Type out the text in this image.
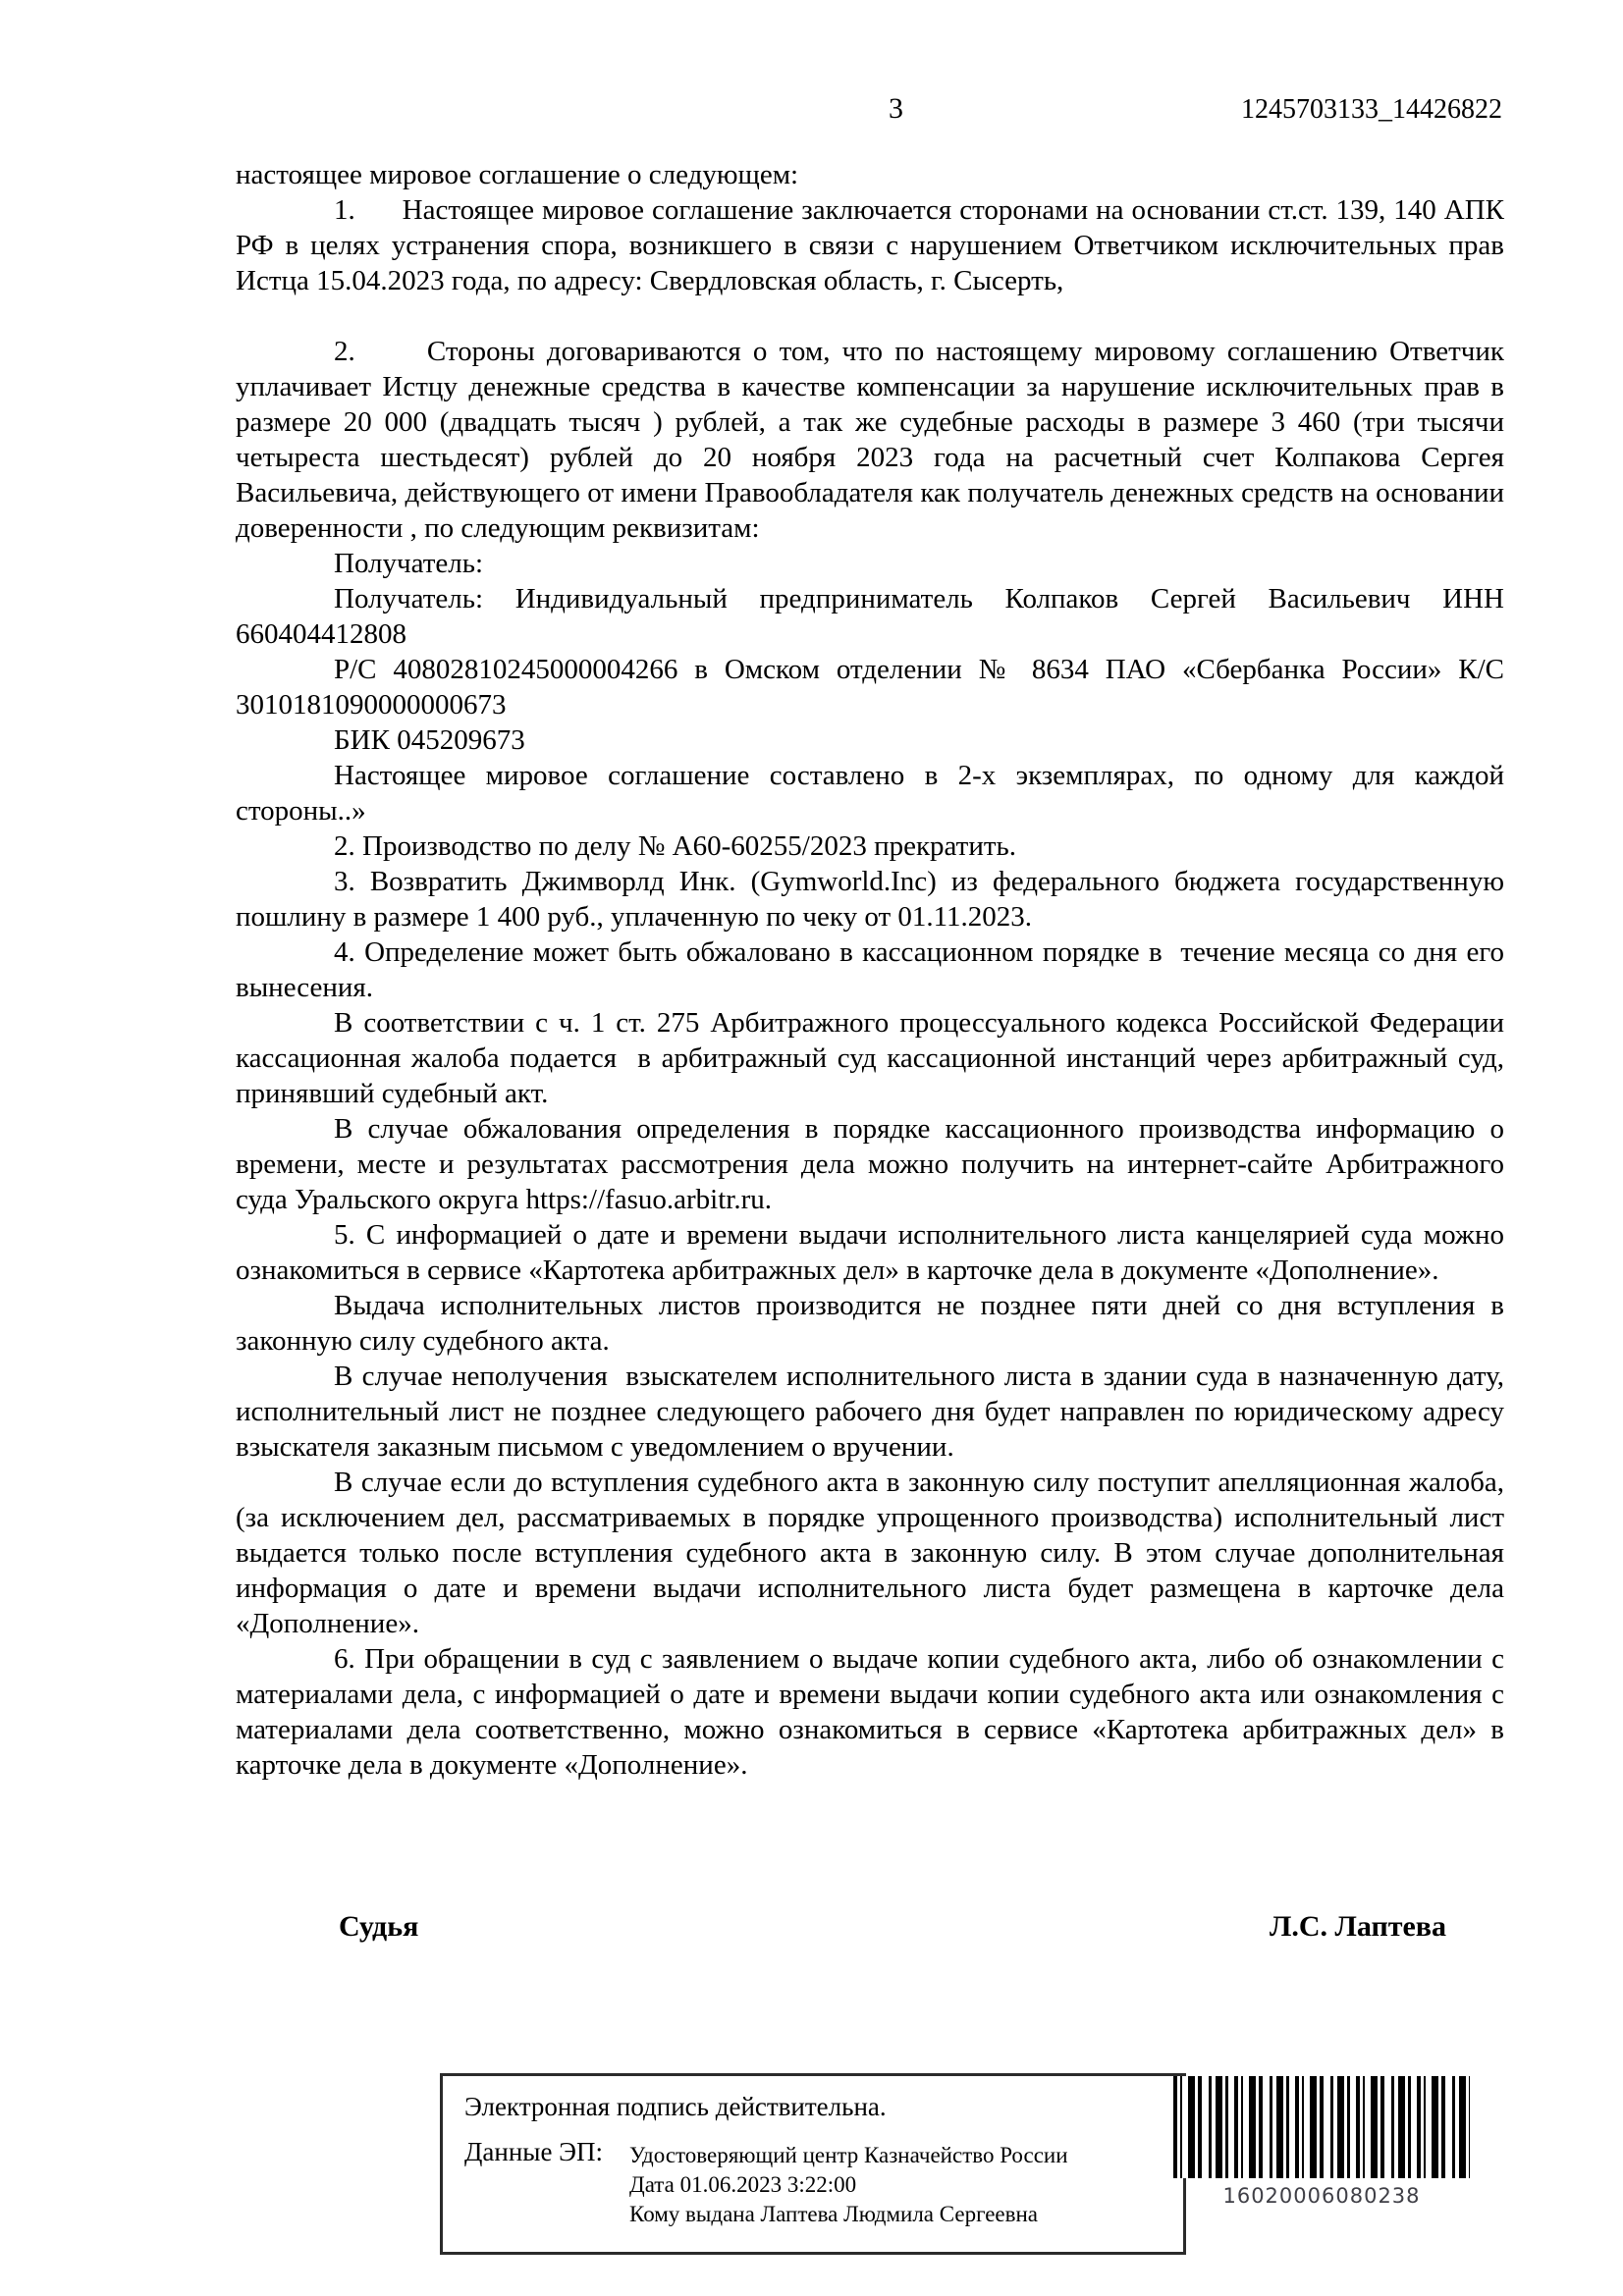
3	1245703133_14426822

настоящее мировое соглашение о следующем:

1.      Настоящее мировое соглашение заключается сторонами на основании ст.ст. 139, 140 АПК РФ в целях устранения спора, возникшего в связи с нарушением Ответчиком исключительных прав Истца 15.04.2023 года, по адресу: Свердловская область, г. Сысерть,

2.      Стороны договариваются о том, что по настоящему мировому соглашению Ответчик уплачивает Истцу денежные средства в качестве компенсации за нарушение исключительных прав в размере 20 000 (двадцать тысяч ) рублей, а так же судебные расходы в размере 3 460 (три тысячи четыреста шестьдесят) рублей до 20 ноября 2023 года на расчетный счет Колпакова Сергея Васильевича, действующего от имени Правообладателя как получатель денежных средств на основании доверенности , по следующим реквизитам:

Получатель:

Получатель: Индивидуальный предприниматель Колпаков Сергей Васильевич ИНН 660404412808

Р/С 40802810245000004266 в Омском отделении № 8634 ПАО «Сбербанка России» К/С 3010181090000000673

БИК 045209673

Настоящее мировое соглашение составлено в 2-х экземплярах, по одному для каждой стороны..»

2. Производство по делу № А60-60255/2023 прекратить.

3. Возвратить Джимворлд Инк. (Gymworld.Inc) из федерального бюджета государственную пошлину в размере 1 400 руб., уплаченную по чеку от 01.11.2023.

4. Определение может быть обжаловано в кассационном порядке в  течение месяца со дня его вынесения.

В соответствии с ч. 1 ст. 275 Арбитражного процессуального кодекса Российской Федерации кассационная жалоба подается  в арбитражный суд кассационной инстанций через арбитражный суд, принявший судебный акт.

В случае обжалования определения в порядке кассационного производства информацию о времени, месте и результатах рассмотрения дела можно получить на интернет-сайте Арбитражного суда Уральского округа https://fasuo.arbitr.ru.

5. С информацией о дате и времени выдачи исполнительного листа канцелярией суда можно ознакомиться в сервисе «Картотека арбитражных дел» в карточке дела в документе «Дополнение».

Выдача исполнительных листов производится не позднее пяти дней со дня вступления в законную силу судебного акта.

В случае неполучения  взыскателем исполнительного листа в здании суда в назначенную дату, исполнительный лист не позднее следующего рабочего дня будет направлен по юридическому адресу взыскателя заказным письмом с уведомлением о вручении.

В случае если до вступления судебного акта в законную силу поступит апелляционная жалоба, (за исключением дел, рассматриваемых в порядке упрощенного производства) исполнительный лист выдается только после вступления судебного акта в законную силу. В этом случае дополнительная информация о дате и времени выдачи исполнительного листа будет размещена в карточке дела «Дополнение».

6. При обращении в суд с заявлением о выдаче копии судебного акта, либо об ознакомлении с материалами дела, с информацией о дате и времени выдачи копии судебного акта или ознакомления с материалами дела соответственно, можно ознакомиться в сервисе «Картотека арбитражных дел» в карточке дела в документе «Дополнение».

Судья	Л.С. Лаптева
Электронная подпись действительна.
Данные ЭП: Удостоверяющий центр Казначейство России
Дата 01.06.2023 3:22:00
Кому выдана Лаптева Людмила Сергеевна
16020006080238
